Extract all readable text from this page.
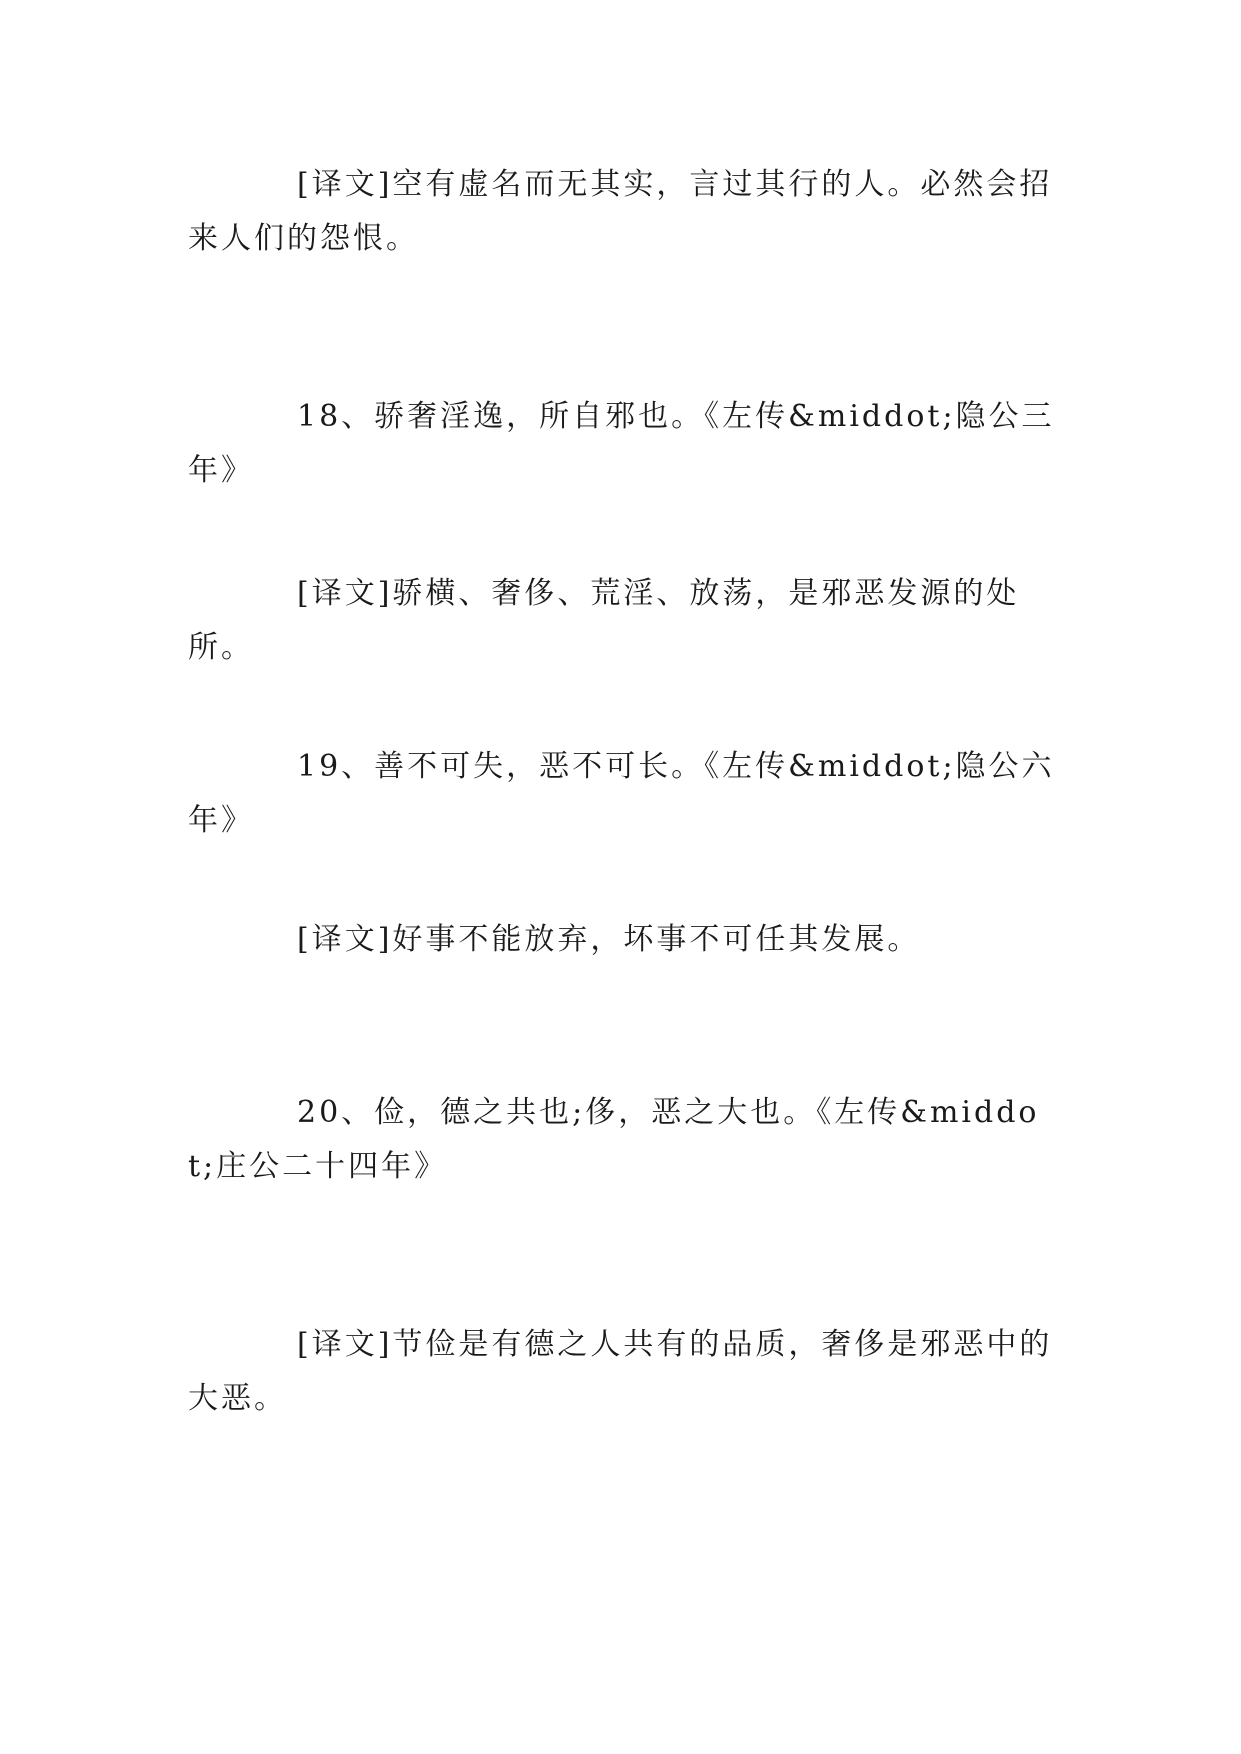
[译文]空有虚名而无其实，言过其行的人。必然会招来人们的怨恨。

18、骄奢淫逸，所自邪也。《左传&middot;隐公三年》

[译文]骄横、奢侈、荒淫、放荡，是邪恶发源的处所。

19、善不可失，恶不可长。《左传&middot;隐公六年》

[译文]好事不能放弃，坏事不可任其发展。

20、俭，德之共也;侈，恶之大也。《左传&middot;庄公二十四年》

[译文]节俭是有德之人共有的品质，奢侈是邪恶中的大恶。
